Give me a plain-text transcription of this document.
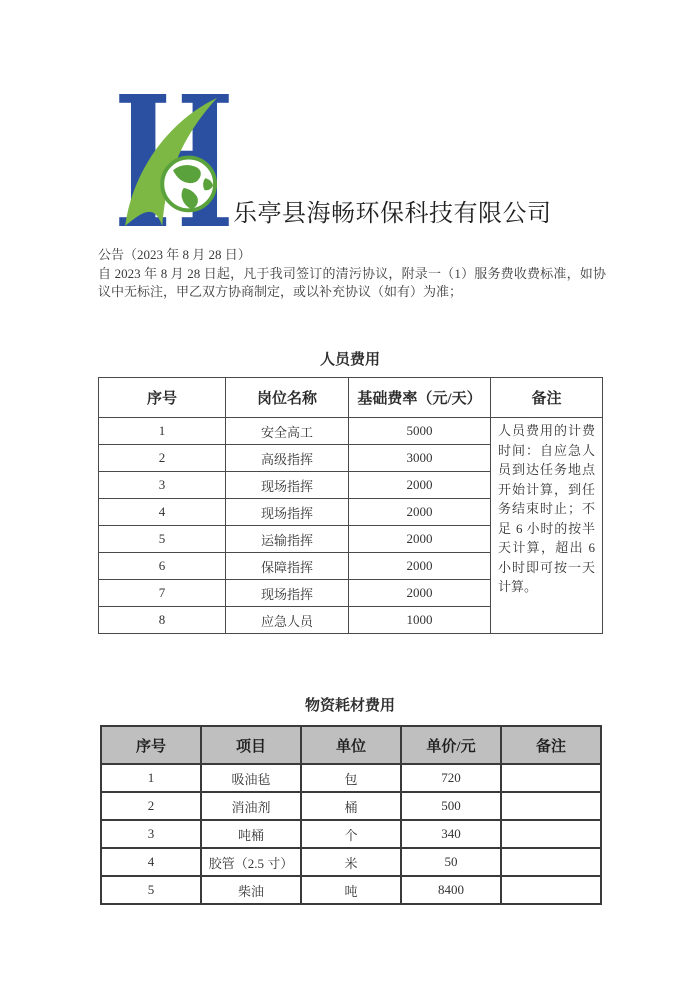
乐亭县海畅环保科技有限公司
公告（2023 年 8 月 28 日）
自 2023 年 8 月 28 日起，凡于我司签订的清污协议，附录一（1）服务费收费标准，如协议中无标注，甲乙双方协商制定，或以补充协议（如有）为准；
人员费用
序号	岗位名称	基础费率（元/天）	备注
1	安全高工	5000	人员费用的计费时间：自应急人员到达任务地点开始计算，到任务结束时止；不足 6 小时的按半天计算，超出 6 小时即可按一天计算。
2	高级指挥	3000	
3	现场指挥	2000	
4	现场指挥	2000	
5	运输指挥	2000	
6	保障指挥	2000	
7	现场指挥	2000	
8	应急人员	1000	
物资耗材费用
序号	项目	单位	单价/元	备注
1	吸油毡	包	720	
2	消油剂	桶	500	
3	吨桶	个	340	
4	胶管（2.5 寸）	米	50	
5	柴油	吨	8400	
